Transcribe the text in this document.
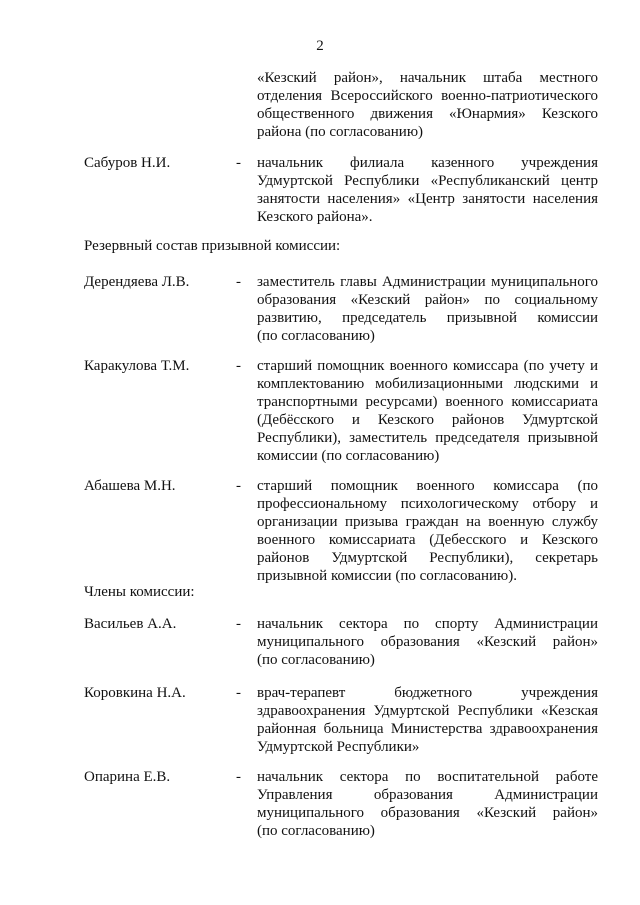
2
«Кезский район», начальник штаба местного
отделения Всероссийского военно-патриотического
общественного движения «Юнармия» Кезского
района (по согласованию)
Сабуров Н.И.	- начальник филиала казенного учреждения
Удмуртской Республики «Республиканский центр
занятости населения» «Центр занятости населения
Кезского района».
Резервный состав призывной комиссии:
Дерендяева Л.В.	- заместитель главы Администрации муниципального
образования «Кезский район» по социальному
развитию, председатель призывной комиссии
(по согласованию)
Каракулова Т.М.	- старший помощник военного комиссара (по учету и
комплектованию мобилизационными людскими и
транспортными ресурсами) военного комиссариата
(Дебёсского и Кезского районов Удмуртской
Республики), заместитель председателя призывной
комиссии (по согласованию)
Абашева М.Н.	- старший помощник военного комиссара (по
профессиональному психологическому отбору и
организации призыва граждан на военную службу
военного комиссариата (Дебесского и Кезского
районов Удмуртской Республики), секретарь
призывной комиссии (по согласованию).
Члены комиссии:
Васильев А.А.	- начальник сектора по спорту Администрации
муниципального образования «Кезский район»
(по согласованию)
Коровкина Н.А.	- врач-терапевт бюджетного учреждения
здравоохранения Удмуртской Республики «Кезская
районная больница Министерства здравоохранения
Удмуртской Республики»
Опарина Е.В.	- начальник сектора по воспитательной работе
Управления образования Администрации
муниципального образования «Кезский район»
(по согласованию)
